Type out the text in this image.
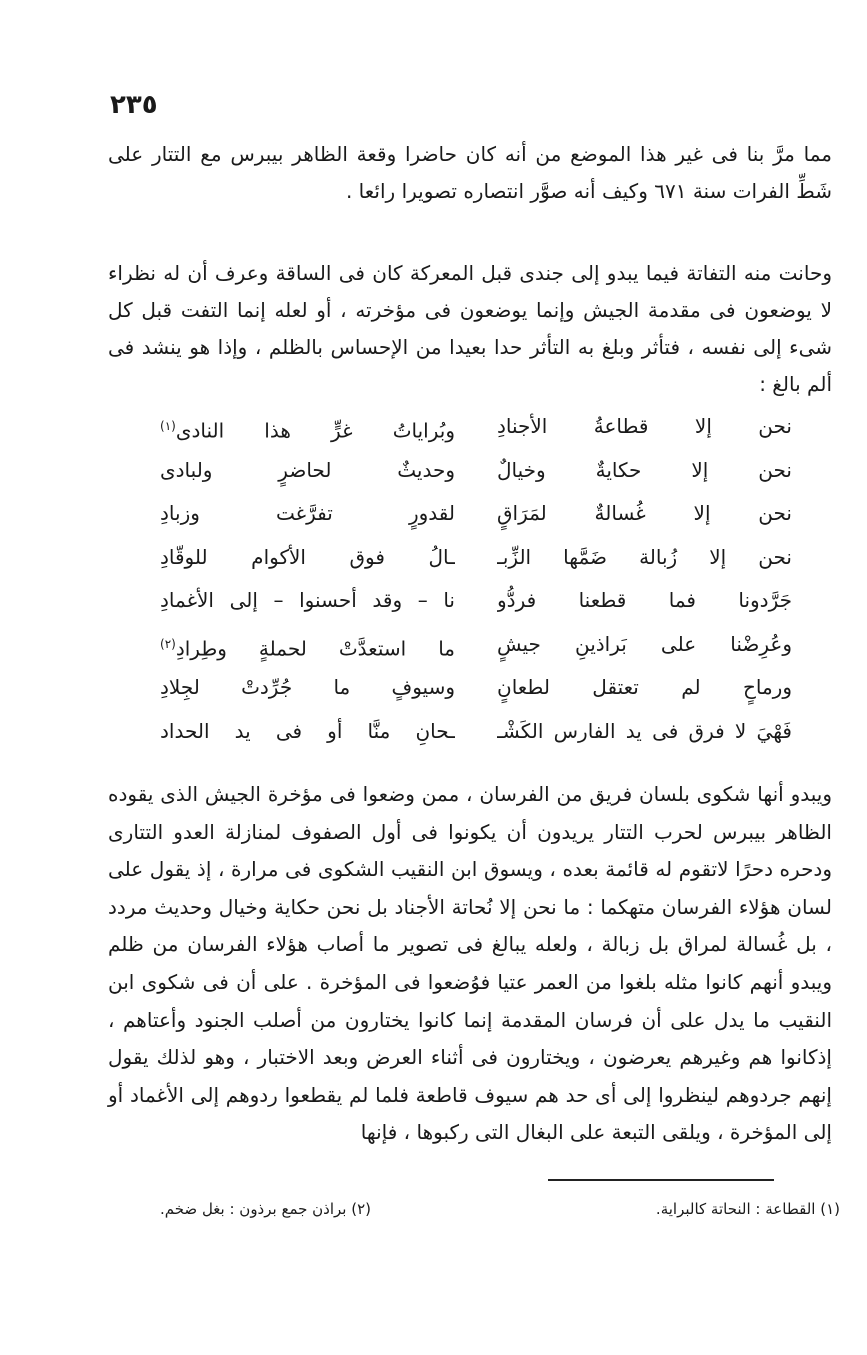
٢٣٥

مما مرَّ بنا فى غير هذا الموضع من أنه كان حاضرا وقعة الظاهر بيبرس مع التتار على شَطِّ الفرات سنة ٦٧١ وكيف أنه صوَّر انتصاره تصويرا رائعا .

وحانت منه التفاتة فيما يبدو إلى جندى قبل المعركة كان فى الساقة وعرف أن له نظراء لا يوضعون فى مقدمة الجيش وإنما يوضعون فى مؤخرته ، أو لعله إنما التفت قبل كل شىء إلى نفسه ، فتأثر وبلغ به التأثر حدا بعيدا من الإحساس بالظلم ، وإذا هو ينشد فى ألم بالغ :

نحن إلا قطاعةُ الأجنادِ
وبُراياتُ غرٍّ هذا النادى$^{(١)}$
نحن إلا حكايةٌ وخيالٌ
وحديثٌ لحاضرٍ ولبادى
نحن إلا غُسالةٌ لمَرَاقٍ
لقدورٍ تفرَّغت وزبادِ
نحن إلا زُبالة ضَمَّها الزِّبـ
ـالُ فوق الأكوام للوقّادِ
جَرَّدونا فما قطعنا فردُّو
نا – وقد أحسنوا – إلى الأغمادِ
وعُرِضْنا على بَراذينِ جيشٍ
ما استعدَّتْ لحملةٍ وطِرادِ$^{(٢)}$
ورماحٍ لم تعتقل لطعانٍ
وسيوفٍ ما جُرِّدتْ لجِلادِ
فَهْيَ لا فرق فى يد الفارس الكَشْـ
ـحانِ منَّا أو فى يد الحداد

ويبدو أنها شكوى بلسان فريق من الفرسان ، ممن وضعوا فى مؤخرة الجيش الذى يقوده الظاهر بيبرس لحرب التتار يريدون أن يكونوا فى أول الصفوف لمنازلة العدو التتارى ودحره دحرًا لاتقوم له قائمة بعده ، ويسوق ابن النقيب الشكوى فى مرارة ، إذ يقول على لسان هؤلاء الفرسان متهكما : ما نحن إلا نُحاتة الأجناد بل نحن حكاية وخيال وحديث مردد ، بل غُسالة لمراق بل زبالة ، ولعله يبالغ فى تصوير ما أصاب هؤلاء الفرسان من ظلم ويبدو أنهم كانوا مثله بلغوا من العمر عتيا فوُضعوا فى المؤخرة . على أن فى شكوى ابن النقيب ما يدل على أن فرسان المقدمة إنما كانوا يختارون من أصلب الجنود وأعتاهم ، إذكانوا هم وغيرهم يعرضون ، ويختارون فى أثناء العرض وبعد الاختبار ، وهو لذلك يقول إنهم جردوهم لينظروا إلى أى حد هم سيوف قاطعة فلما لم يقطعوا ردوهم إلى الأغماد أو إلى المؤخرة ، ويلقى التبعة على البغال التى ركبوها ، فإنها

(١) القطاعة : النحاتة كالبراية.
(٢) براذن جمع برذون : بغل ضخم.
